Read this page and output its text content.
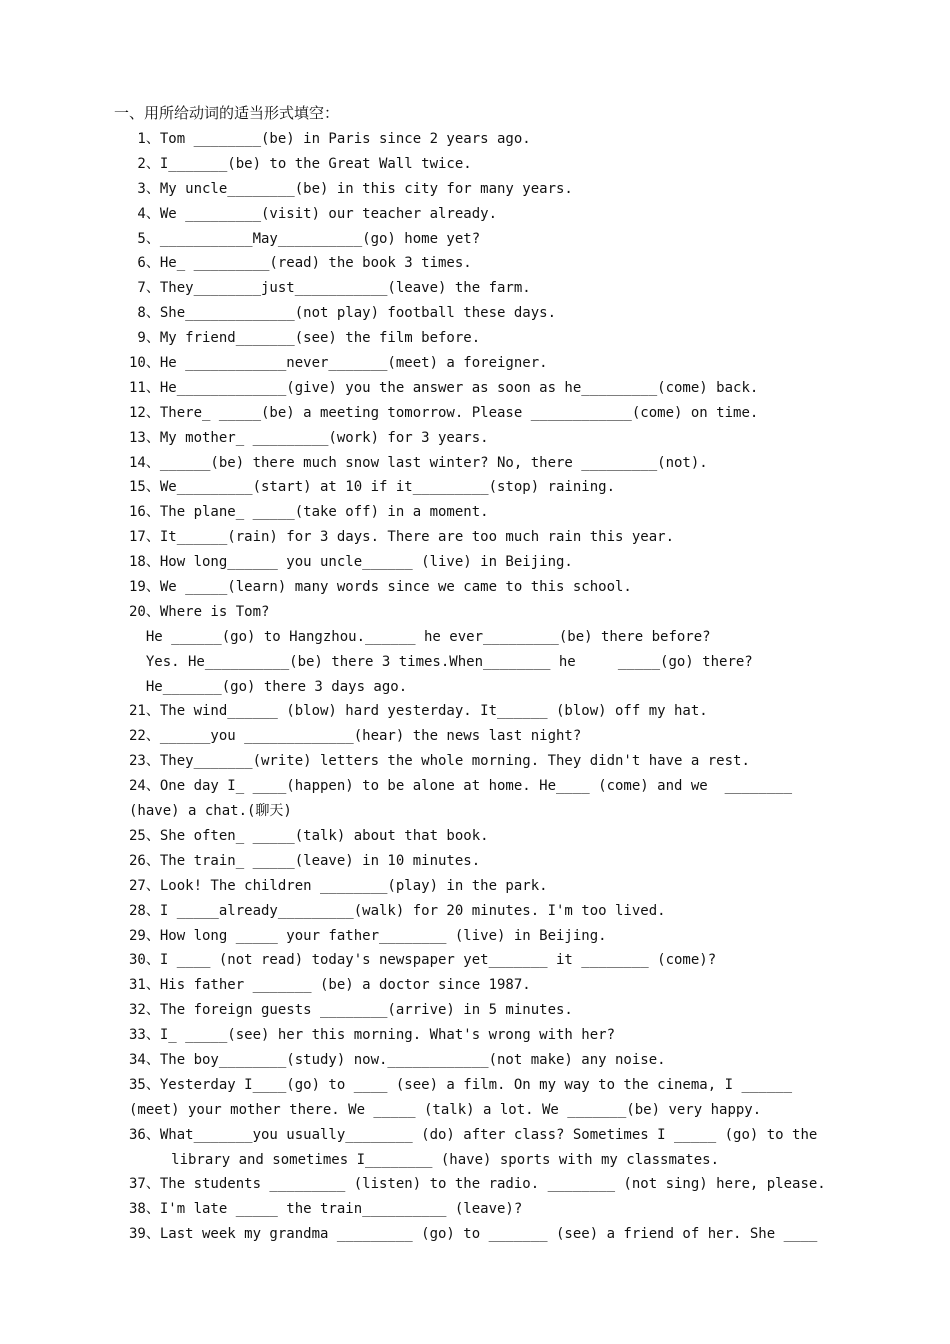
一、用所给动词的适当形式填空：
1、Tom ________(be) in Paris since 2 years ago.
2、I_______(be) to the Great Wall twice.
3、My uncle________(be) in this city for many years.
4、We _________(visit) our teacher already.
5、___________May__________(go) home yet?
6、He_ _________(read) the book 3 times.
7、They________just___________(leave) the farm.
8、She_____________(not play) football these days.
9、My friend_______(see) the film before.
10、He ____________never_______(meet) a foreigner.
11、He_____________(give) you the answer as soon as he_________(come) back.
12、There_ _____(be) a meeting tomorrow. Please ____________(come) on time.
13、My mother_ _________(work) for 3 years.
14、______(be) there much snow last winter? No, there _________(not).
15、We_________(start) at 10 if it_________(stop) raining.
16、The plane_ _____(take off) in a moment.
17、It______(rain) for 3 days. There are too much rain this year.
18、How long______ you uncle______ (live) in Beijing.
19、We _____(learn) many words since we came to this school.
20、Where is Tom?
He ______(go) to Hangzhou.______ he ever_________(be) there before?
Yes. He__________(be) there 3 times.When________ he     _____(go) there?
He_______(go) there 3 days ago.
21、The wind______ (blow) hard yesterday. It______ (blow) off my hat.
22、______you _____________(hear) the news last night?
23、They_______(write) letters the whole morning. They didn't have a rest.
24、One day I_ ____(happen) to be alone at home. He____ (come) and we  ________
(have) a chat.(聊天)
25、She often_ _____(talk) about that book.
26、The train_ _____(leave) in 10 minutes.
27、Look! The children ________(play) in the park.
28、I _____already_________(walk) for 20 minutes. I'm too lived.
29、How long _____ your father________ (live) in Beijing.
30、I ____ (not read) today's newspaper yet_______ it ________ (come)?
31、His father _______ (be) a doctor since 1987.
32、The foreign guests ________(arrive) in 5 minutes.
33、I_ _____(see) her this morning. What's wrong with her?
34、The boy________(study) now.____________(not make) any noise.
35、Yesterday I____(go) to ____ (see) a film. On my way to the cinema, I ______
(meet) your mother there. We _____ (talk) a lot. We _______(be) very happy.
36、What_______you usually________ (do) after class? Sometimes I _____ (go) to the
library and sometimes I________ (have) sports with my classmates.
37、The students _________ (listen) to the radio. ________ (not sing) here, please.
38、I'm late _____ the train__________ (leave)?
39、Last week my grandma _________ (go) to _______ (see) a friend of her. She ____
